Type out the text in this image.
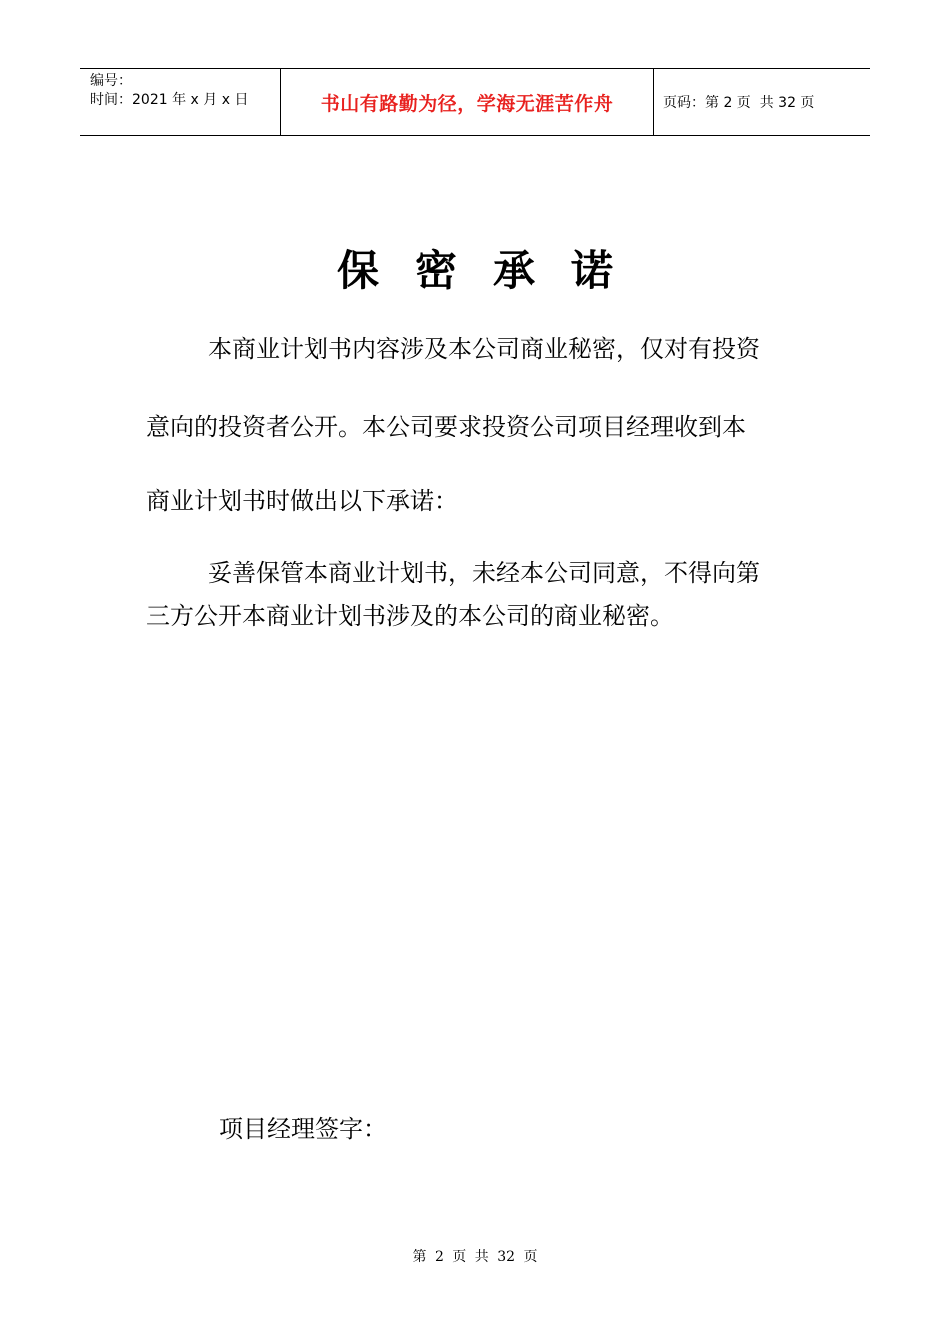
编号：
时间：2021 年 x 月 x 日	书山有路勤为径，学海无涯苦作舟	页码：第 2 页  共 32 页
保密承诺
本商业计划书内容涉及本公司商业秘密，仅对有投资
意向的投资者公开。本公司要求投资公司项目经理收到本
商业计划书时做出以下承诺：
妥善保管本商业计划书，未经本公司同意，不得向第
三方公开本商业计划书涉及的本公司的商业秘密。
项目经理签字：
第 2 页 共 32 页
